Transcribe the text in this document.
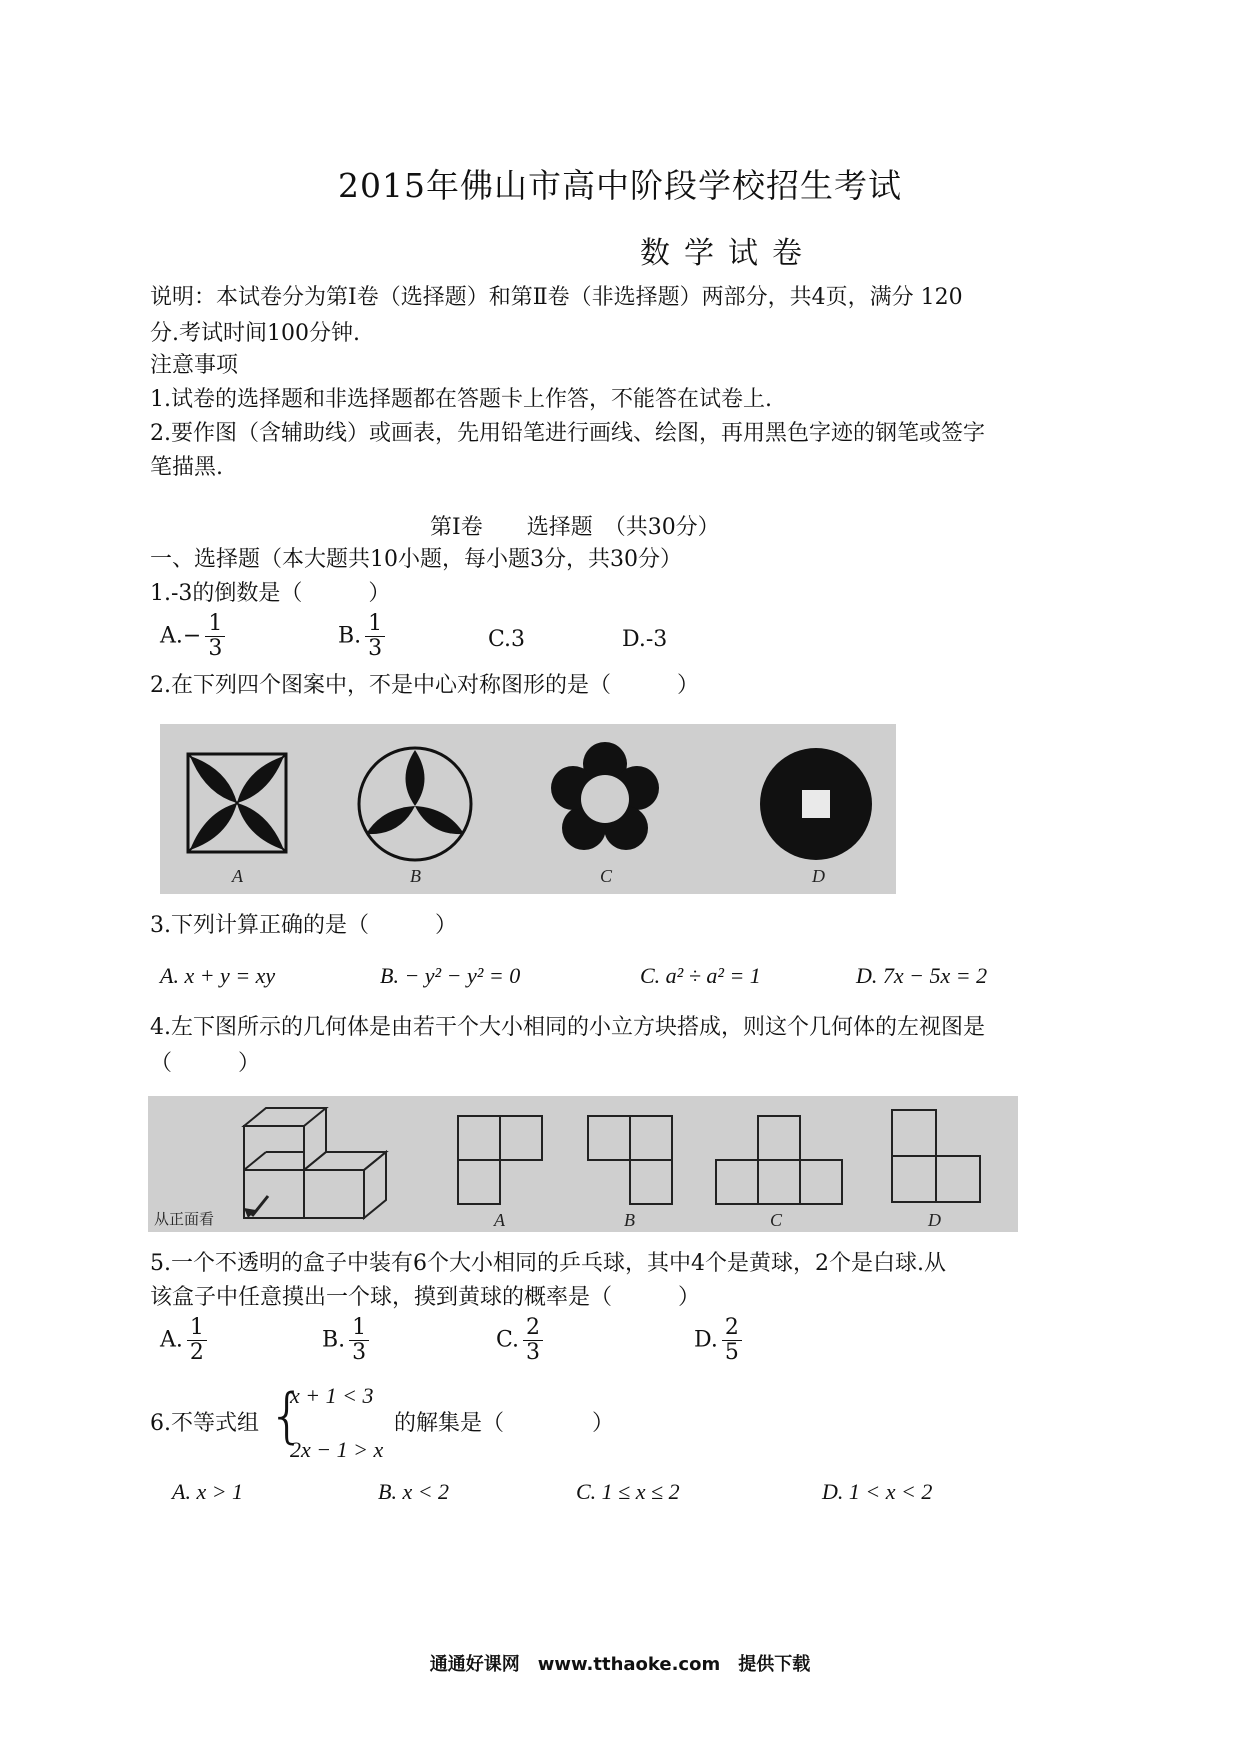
2015年佛山市高中阶段学校招生考试
数学试卷
说明：本试卷分为第Ⅰ卷（选择题）和第Ⅱ卷（非选择题）两部分，共4页，满分 120
分.考试时间100分钟.
注意事项
1.试卷的选择题和非选择题都在答题卡上作答，不能答在试卷上.
2.要作图（含辅助线）或画表，先用铅笔进行画线、绘图，再用黑色字迹的钢笔或签字
笔描黑.
第Ⅰ卷　　选择题　（共30分）
一、选择题（本大题共10小题，每小题3分，共30分）
1.-3的倒数是（　　　）
$A.- \frac{1}{3}$	B. $\frac{1}{3}$	C.3	D.-3
2.在下列四个图案中，不是中心对称图形的是（　　　）
A	B	C	D
3.下列计算正确的是（　　　）
A. x + y = xy	B. − y² − y² = 0	C. a² ÷ a² = 1	D. 7x − 5x = 2
4.左下图所示的几何体是由若干个大小相同的小立方块搭成，则这个几何体的左视图是
（　　　）
从正面看	A	B	C	D
5.一个不透明的盒子中装有6个大小相同的乒乓球，其中4个是黄球，2个是白球.从
该盒子中任意摸出一个球，摸到黄球的概率是（　　　）
A. $\frac{1}{2}$	B. $\frac{1}{3}$	C. $\frac{2}{3}$	D. $\frac{2}{5}$
6.不等式组 {
x + 1 < 3
2x − 1 > x
的解集是（　　　　）
A. x > 1	B. x < 2	C. 1 ≤ x ≤ 2	D. 1 < x < 2
通通好课网　www.tthaoke.com　提供下载
